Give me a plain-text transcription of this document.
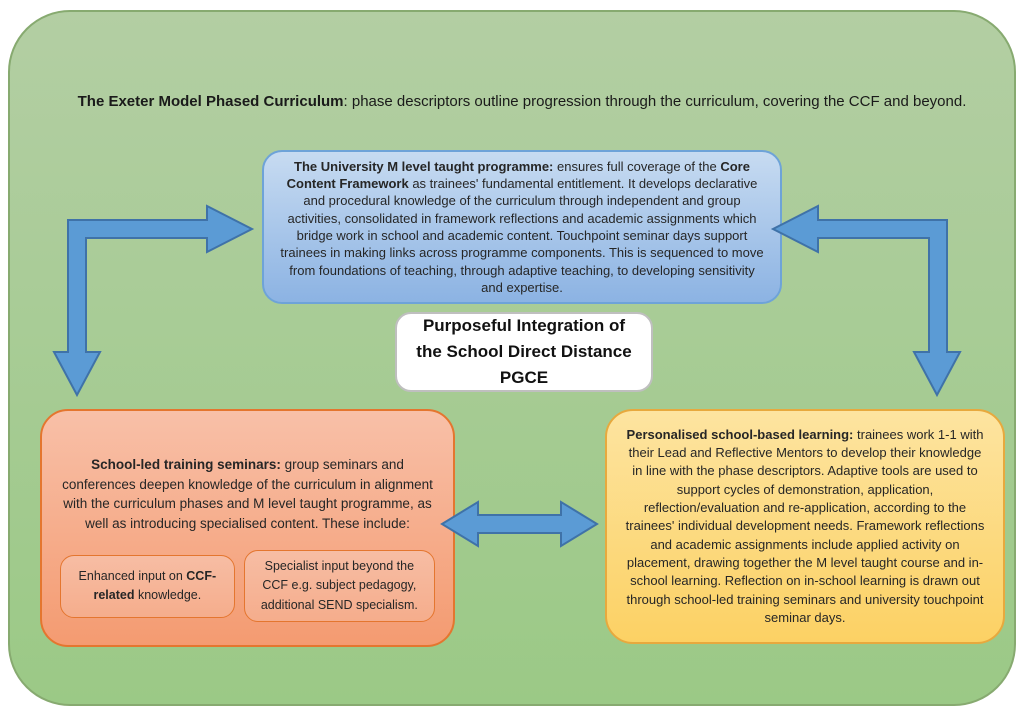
The Exeter Model Phased Curriculum: phase descriptors outline progression through the curriculum, covering the CCF and beyond.

The University M level taught programme: ensures full coverage of the Core Content Framework as trainees' fundamental entitlement. It develops declarative and procedural knowledge of the curriculum through independent and group activities, consolidated in framework reflections and academic assignments which bridge work in school and academic content. Touchpoint seminar days support trainees in making links across programme components. This is sequenced to move from foundations of teaching, through adaptive teaching, to developing sensitivity and expertise.

Purposeful Integration of the School Direct Distance PGCE

School-led training seminars: group seminars and conferences deepen knowledge of the curriculum in alignment with the curriculum phases and M level taught programme, as well as introducing specialised content. These include:

Enhanced input on CCF-related knowledge.

Specialist input beyond the CCF e.g. subject pedagogy, additional SEND specialism.

Personalised school-based learning: trainees work 1-1 with their Lead and Reflective Mentors to develop their knowledge in line with the phase descriptors. Adaptive tools are used to support cycles of demonstration, application, reflection/evaluation and re-application, according to the trainees' individual development needs. Framework reflections and academic assignments include applied activity on placement, drawing together the M level taught course and in-school learning. Reflection on in-school learning is drawn out through school-led training seminars and university touchpoint seminar days.
